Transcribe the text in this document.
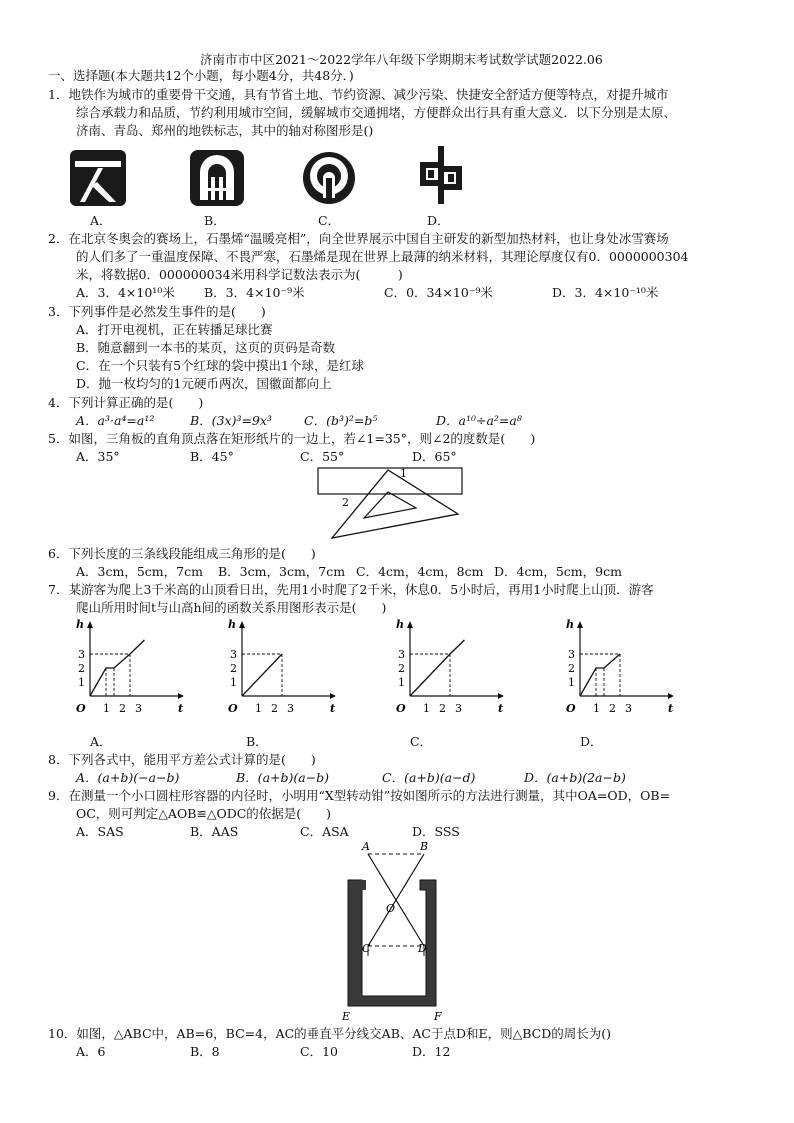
济南市市中区2021～2022学年八年级下学期期末考试数学试题2022.06
一、选择题(本大题共12个小题，每小题4分，共48分．)
1．地铁作为城市的重要骨干交通，具有节省土地、节约资源、减少污染、快捷安全舒适方便等特点，对提升城市
综合承载力和品质，节约利用城市空间，缓解城市交通拥堵，方便群众出行具有重大意义．以下分别是太原、
济南、青岛、郑州的地铁标志，其中的轴对称图形是()
A．	B．	C．	D．
2．在北京冬奥会的赛场上，石墨烯“温暖亮相”，向全世界展示中国自主研发的新型加热材料，也让身处冰雪赛场
的人们多了一重温度保障、不畏严寒，石墨烯是现在世界上最薄的纳米材料，其理论厚度仅有0．0000000304
米，将数据0．000000034米用科学记数法表示为(　　　)
A．3．4×10¹⁰米 B．3．4×10⁻⁹米	C．0．34×10⁻⁹米	D．3．4×10⁻¹⁰米
3．下列事件是必然发生事件的是(　　)
A．打开电视机，正在转播足球比赛
B．随意翻到一本书的某页，这页的页码是奇数
C．在一个只装有5个红球的袋中摸出1个球，是红球
D．抛一枚均匀的1元硬币两次，国徽面都向上
4．下列计算正确的是(　　)
A．a³·a⁴=a¹²	B．(3x)³=9x³	C．(b³)²=b⁵	D．a¹⁰÷a²=a⁸
5．如图，三角板的直角顶点落在矩形纸片的一边上，若∠1=35°，则∠2的度数是(　　)
A．35°	B．45°	C．55°	D．65°
1
2
6．下列长度的三条线段能组成三角形的是(　　)
A．3cm，5cm，7cm B．3cm，3cm，7cm C．4cm，4cm，8cm D．4cm，5cm，9cm
7．某游客为爬上3千米高的山顶看日出，先用1小时爬了2千米，休息0．5小时后，再用1小时爬上山顶．游客
爬山所用时间t与山高h间的函数关系用图形表示是(　　)
h
t
O 1 2 3
1
2
3
h
t
O 1 2 3
1
2
3
h
t
O 1 2 3
1
2
3
h
t
O 1 2 3
1
2
3
A．	B．	C．	D．
8．下列各式中，能用平方差公式计算的是(　　)
A．(a+b)(−a−b)	B．(a+b)(a−b)	C．(a+b)(a−d)	D．(a+b)(2a−b)
9．在测量一个小口圆柱形容器的内径时，小明用“X型转动钳”按如图所示的方法进行测量，其中OA=OD，OB=
OC，则可判定△AOB≌△ODC的依据是(　　)
A．SAS	B．AAS	C．ASA	D．SSS
A	B
O
C	D
E	F
10．如图，△ABC中，AB=6，BC=4，AC的垂直平分线交AB、AC于点D和E，则△BCD的周长为()
A．6	B．8	C．10	D．12
